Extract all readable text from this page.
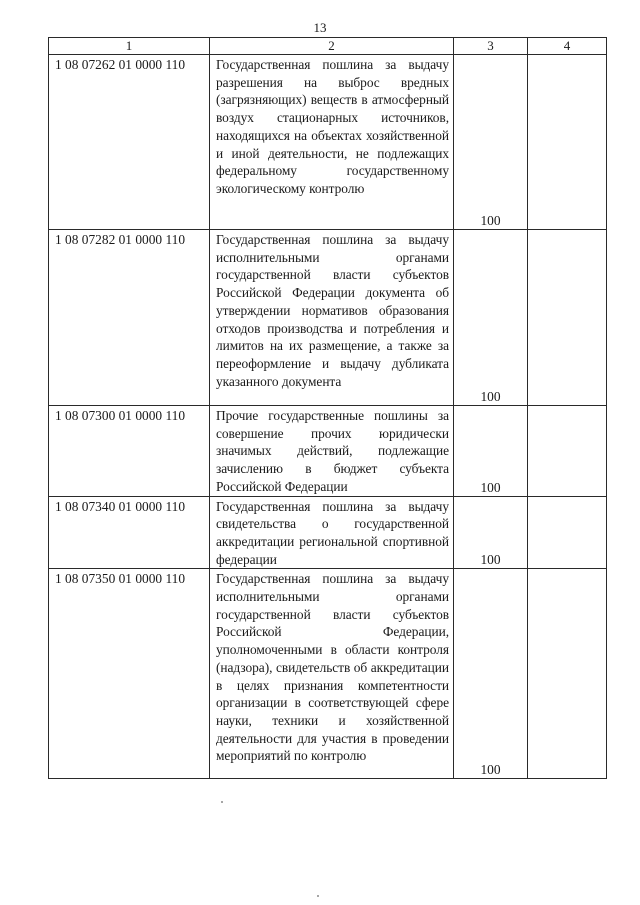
13
1	2	3	4

1 08 07262 01 0000 110	Государственная пошлина за выдачу разрешения на выброс вредных (загрязняющих) веществ в атмосферный воздух стационарных источников, находящихся на объектах хозяйственной и иной деятельности, не подлежащих федеральному государственному экологическому контролю	100	

1 08 07282 01 0000 110	Государственная пошлина за выдачу исполнительными органами государственной власти субъектов Российской Федерации документа об утверждении нормативов образования отходов производства и потребления и лимитов на их размещение, а также за переоформление и выдачу дубликата указанного документа	100	

1 08 07300 01 0000 110	Прочие государственные пошлины за совершение прочих юридически значимых действий, подлежащие зачислению в бюджет субъекта Российской Федерации	100	

1 08 07340 01 0000 110	Государственная пошлина за выдачу свидетельства о государственной аккредитации региональной спортивной федерации	100	

1 08 07350 01 0000 110	Государственная пошлина за выдачу исполнительными органами государственной власти субъектов Российской Федерации, уполномоченными в области контроля (надзора), свидетельств об аккредитации в целях признания компетентности организации в соответствующей сфере науки, техники и хозяйственной деятельности для участия в проведении мероприятий по контролю	100	
